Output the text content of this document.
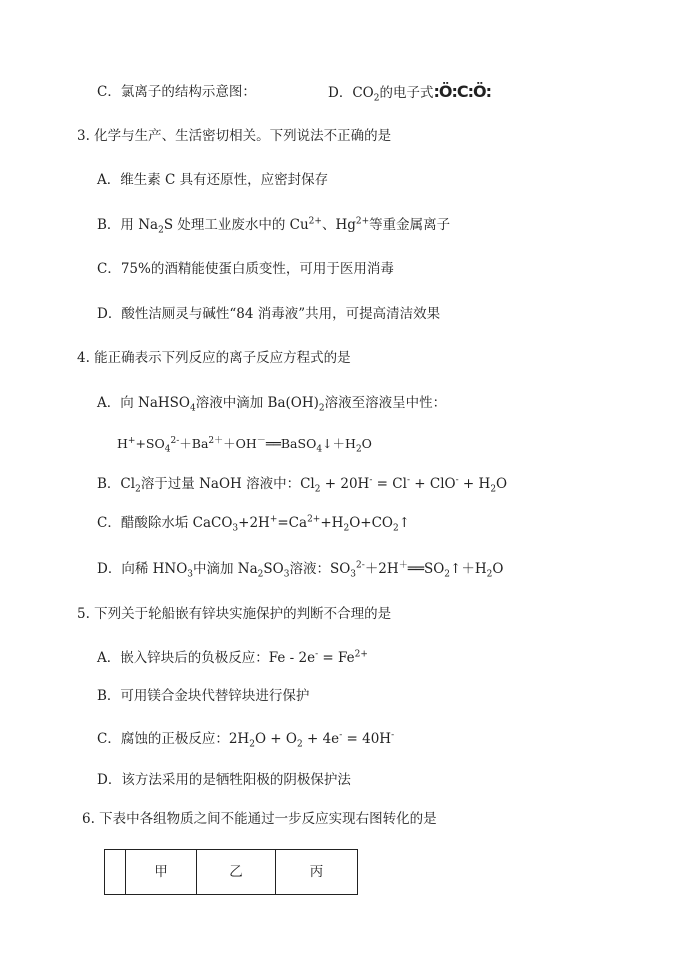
C．氯离子的结构示意图：	D．$CO_2$的电子式:Ö:C:Ö:
3. 化学与生产、生活密切相关。下列说法不正确的是
A．维生素 C 具有还原性，应密封保存
B．用 $Na_2S$ 处理工业废水中的 $Cu^{2+}$、$Hg^{2+}$等重金属离子
C．75%的酒精能使蛋白质变性，可用于医用消毒
D．酸性洁厕灵与碱性“84 消毒液”共用，可提高清洁效果
4. 能正确表示下列反应的离子反应方程式的是
A．向 NaHSO$_4$溶液中滴加 $Ba(OH)_2$溶液至溶液呈中性：
$H^++SO_4^{2-}+Ba^{2+}+OH^-══BaSO_4↓+H_2O$
B．$Cl_2$溶于过量 NaOH 溶液中：$Cl_2 + 20H^- = Cl^- + ClO^- + H_2O$
C．醋酸除水垢 $CaCO_3+2H^+=Ca^{2+}+H_2O+CO_2↑$
D．向稀 $HNO_3$中滴加 $Na_2SO_3$溶液：$SO_3^{2-}+2H^+══SO_2↑+H_2O$
5. 下列关于轮船嵌有锌块实施保护的判断不合理的是
A．嵌入锌块后的负极反应：$Fe - 2e^- = Fe^{2+}$
B．可用镁合金块代替锌块进行保护
C．腐蚀的正极反应：$2H_2O + O_2 + 4e^- = 40H^-$
D．该方法采用的是牺牲阳极的阴极保护法
6. 下表中各组物质之间不能通过一步反应实现右图转化的是
	甲	乙	丙
